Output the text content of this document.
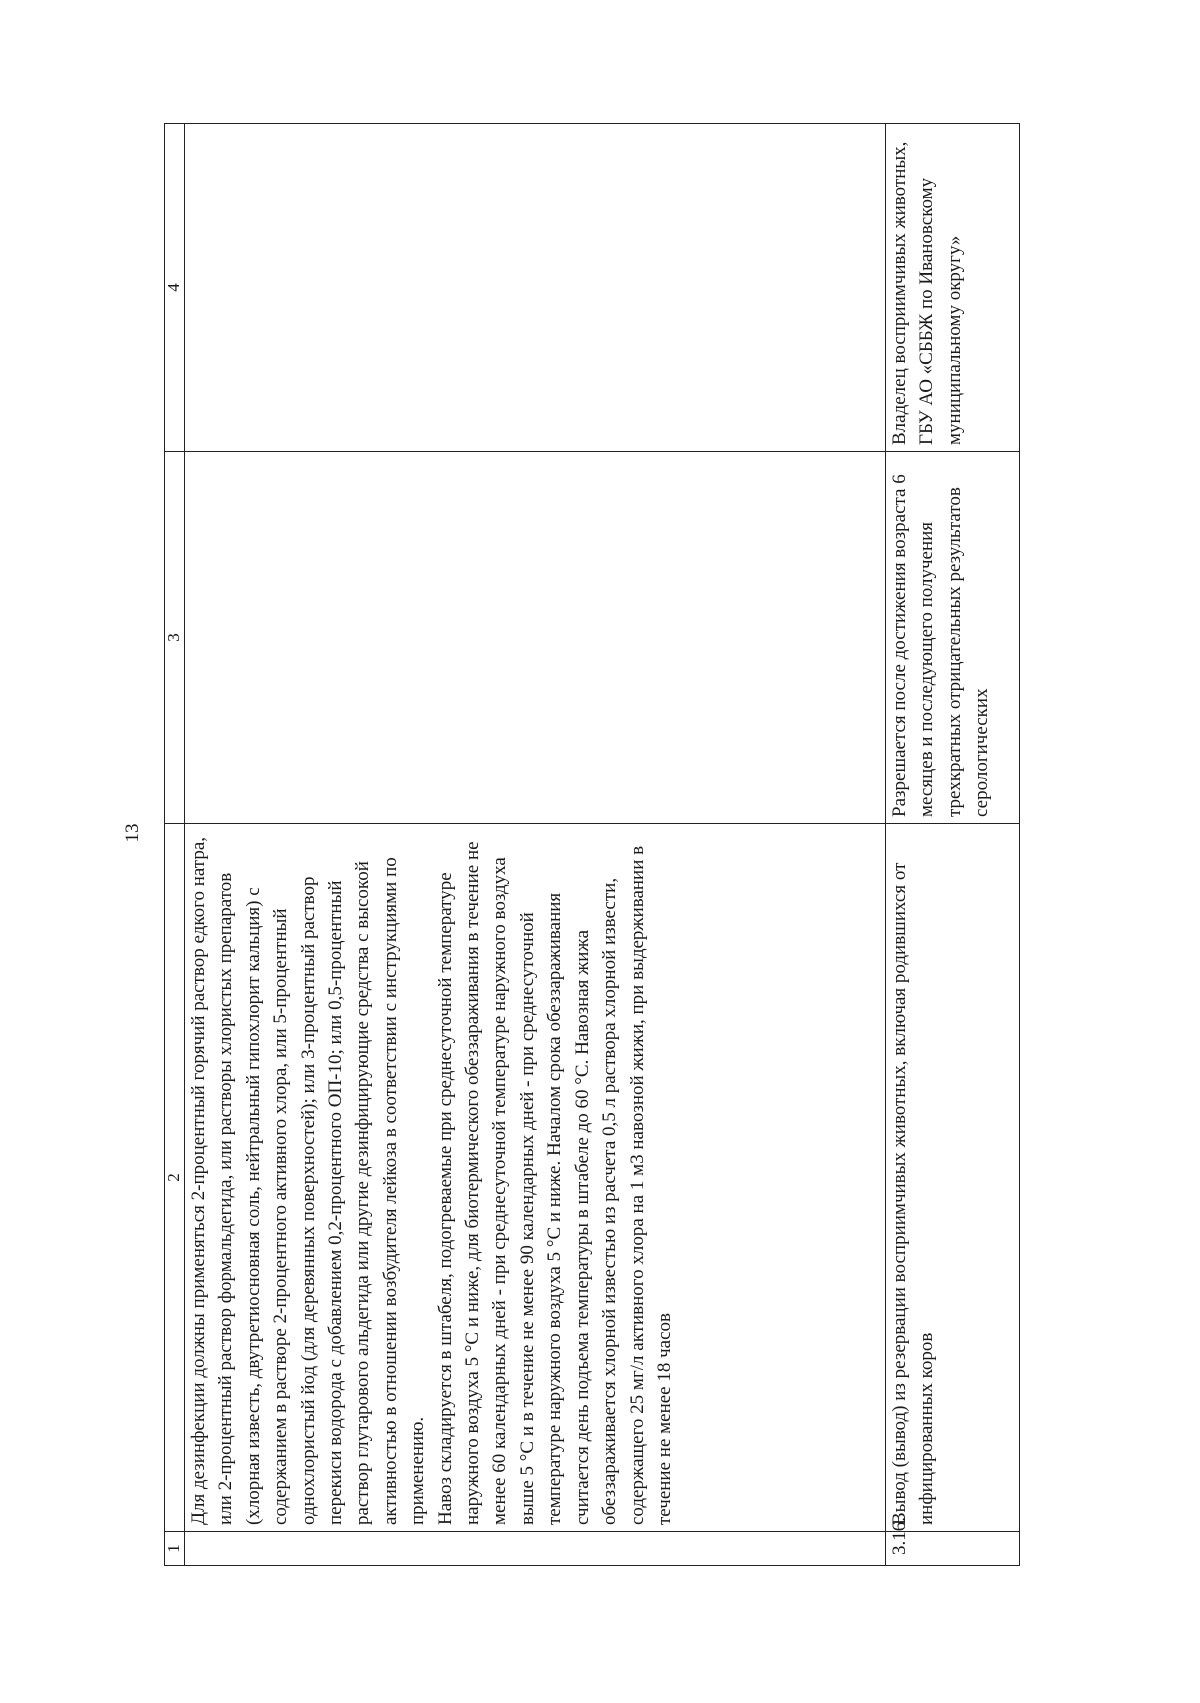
13
1	2	3	4

	Для дезинфекции должны применяться 2-процентный горячий раствор едкого натра, или 2-процентный раствор формальдегида, или растворы хлористых препаратов (хлорная известь, двутретиосновная соль, нейтральный гипохлорит кальция) с содержанием в растворе 2-процентного активного хлора, или 5-процентный однохлористый йод (для деревянных поверхностей); или 3-процентный раствор перекиси водорода с добавлением 0,2-процентного ОП-10; или 0,5-процентный раствор глутарового альдегида или другие дезинфицирующие средства с высокой активностью в отношении возбудителя лейкоза в соответствии с инструкциями по применению. Навоз складируется в штабеля, подогреваемые при среднесуточной температуре наружного воздуха 5 °С и ниже, для биотермического обеззараживания в течение не менее 60 календарных дней - при среднесуточной температуре наружного воздуха выше 5 °С и в течение не менее 90 календарных дней - при среднесуточной температуре наружного воздуха 5 °С и ниже. Началом срока обеззараживания считается день подъема температуры в штабеле до 60 °С. Навозная жижа обеззараживается хлорной известью из расчета 0,5 л раствора хлорной извести, содержащего 25 мг/л активного хлора на 1 м3 навозной жижи, при выдерживании в течение не менее 18 часов		

3.16.	Вывод (вывод) из резервации восприимчивых животных, включая родившихся от инфицированных коров	Разрешается после достижения возраста 6 месяцев и последующего получения трехкратных отрицательных результатов серологических	Владелец восприимчивых животных, ГБУ АО «СББЖ по Ивановскому муниципальному округу»
